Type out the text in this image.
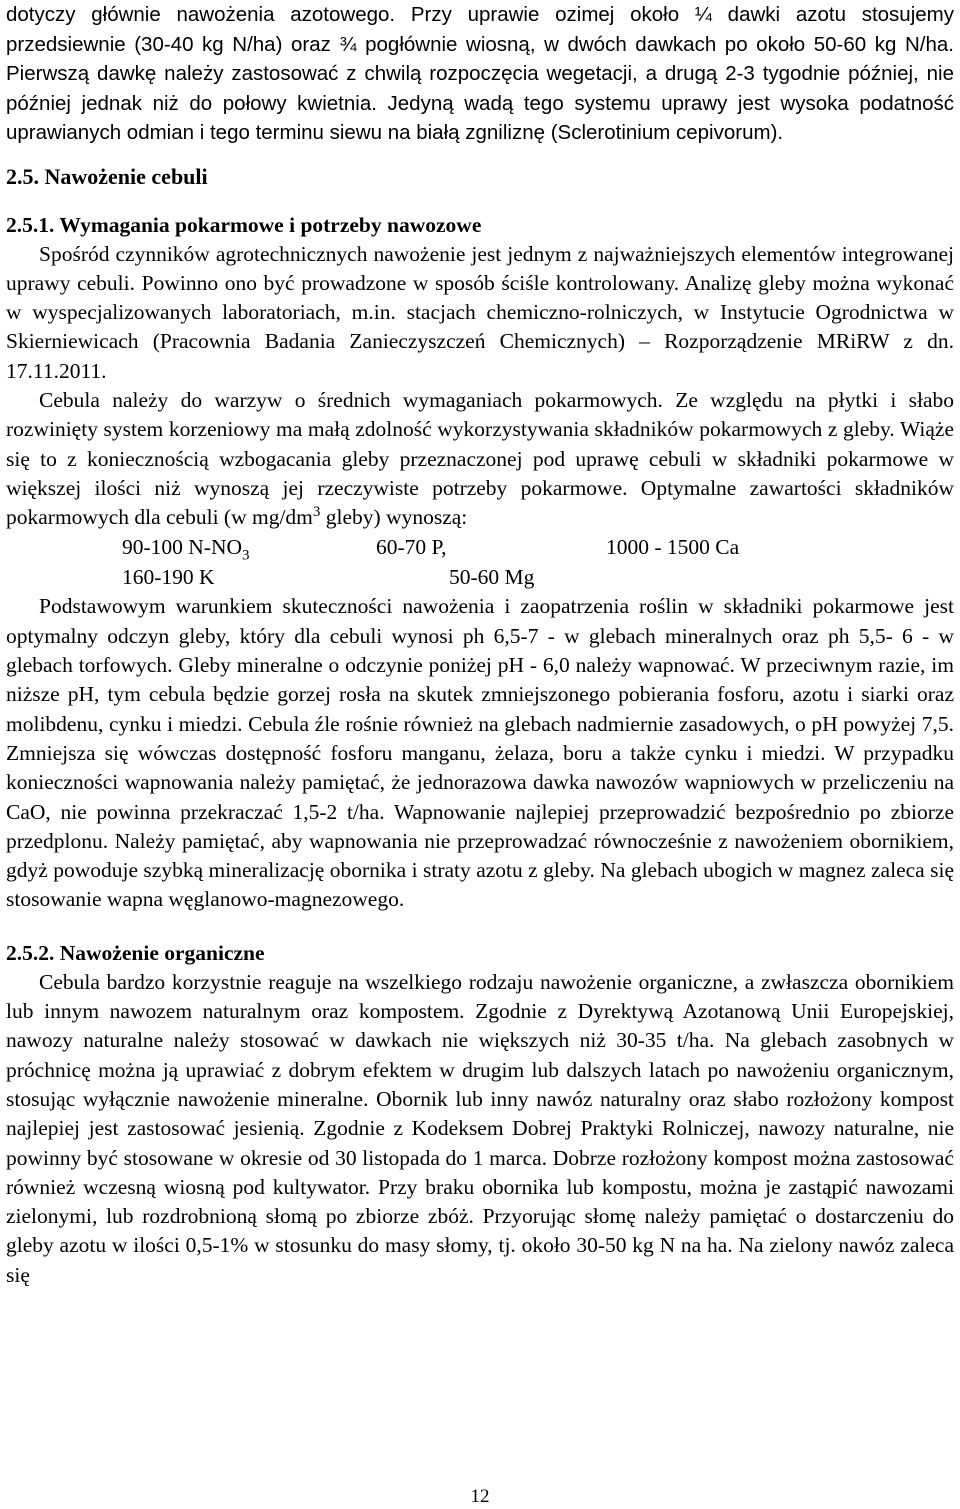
dotyczy głównie nawożenia azotowego. Przy uprawie ozimej około ¼ dawki azotu stosujemy przedsiewnie (30-40 kg N/ha) oraz ¾ pogłównie wiosną, w dwóch dawkach po około 50-60 kg N/ha. Pierwszą dawkę należy zastosować z chwilą rozpoczęcia wegetacji, a drugą 2-3 tygodnie później, nie później jednak niż do połowy kwietnia. Jedyną wadą tego systemu uprawy jest wysoka podatność uprawianych odmian i tego terminu siewu na białą zgniliznę (Sclerotinium cepivorum).

2.5. Nawożenie cebuli
2.5.1. Wymagania pokarmowe i potrzeby nawozowe

Spośród czynników agrotechnicznych nawożenie jest jednym z najważniejszych elementów integrowanej uprawy cebuli. Powinno ono być prowadzone w sposób ściśle kontrolowany. Analizę gleby można wykonać w wyspecjalizowanych laboratoriach, m.in. stacjach chemiczno-rolniczych, w Instytucie Ogrodnictwa w Skierniewicach (Pracownia Badania Zanieczyszczeń Chemicznych) – Rozporządzenie MRiRW z dn. 17.11.2011.

Cebula należy do warzyw o średnich wymaganiach pokarmowych. Ze względu na płytki i słabo rozwinięty system korzeniowy ma małą zdolność wykorzystywania składników pokarmowych z gleby. Wiąże się to z koniecznością wzbogacania gleby przeznaczonej pod uprawę cebuli w składniki pokarmowe w większej ilości niż wynoszą jej rzeczywiste potrzeby pokarmowe. Optymalne zawartości składników pokarmowych dla cebuli (w $mg/dm^3$ gleby) wynoszą:

90-100 $N-NO_3$	60-70 P,	1000 - 1500 Ca
160-190 K	50-60 Mg

Podstawowym warunkiem skuteczności nawożenia i zaopatrzenia roślin w składniki pokarmowe jest optymalny odczyn gleby, który dla cebuli wynosi ph 6,5-7 - w glebach mineralnych oraz ph 5,5- 6 - w glebach torfowych. Gleby mineralne o odczynie poniżej pH - 6,0 należy wapnować. W przeciwnym razie, im niższe pH, tym cebula będzie gorzej rosła na skutek zmniejszonego pobierania fosforu, azotu i siarki oraz molibdenu, cynku i miedzi. Cebula źle rośnie również na glebach nadmiernie zasadowych, o pH powyżej 7,5. Zmniejsza się wówczas dostępność fosforu manganu, żelaza, boru a także cynku i miedzi. W przypadku konieczności wapnowania należy pamiętać, że jednorazowa dawka nawozów wapniowych w przeliczeniu na CaO, nie powinna przekraczać 1,5-2 t/ha. Wapnowanie najlepiej przeprowadzić bezpośrednio po zbiorze przedplonu. Należy pamiętać, aby wapnowania nie przeprowadzać równocześnie z nawożeniem obornikiem, gdyż powoduje szybką mineralizację obornika i straty azotu z gleby. Na glebach ubogich w magnez zaleca się stosowanie wapna węglanowo-magnezowego.

2.5.2. Nawożenie organiczne

Cebula bardzo korzystnie reaguje na wszelkiego rodzaju nawożenie organiczne, a zwłaszcza obornikiem lub innym nawozem naturalnym oraz kompostem. Zgodnie z Dyrektywą Azotanową Unii Europejskiej, nawozy naturalne należy stosować w dawkach nie większych niż 30-35 t/ha. Na glebach zasobnych w próchnicę można ją uprawiać z dobrym efektem w drugim lub dalszych latach po nawożeniu organicznym, stosując wyłącznie nawożenie mineralne. Obornik lub inny nawóz naturalny oraz słabo rozłożony kompost najlepiej jest zastosować jesienią. Zgodnie z Kodeksem Dobrej Praktyki Rolniczej, nawozy naturalne, nie powinny być stosowane w okresie od 30 listopada do 1 marca. Dobrze rozłożony kompost można zastosować również wczesną wiosną pod kultywator. Przy braku obornika lub kompostu, można je zastąpić nawozami zielonymi, lub rozdrobnioną słomą po zbiorze zbóż. Przyorując słomę należy pamiętać o dostarczeniu do gleby azotu w ilości 0,5-1% w stosunku do masy słomy, tj. około 30-50 kg N na ha. Na zielony nawóz zaleca się

12
